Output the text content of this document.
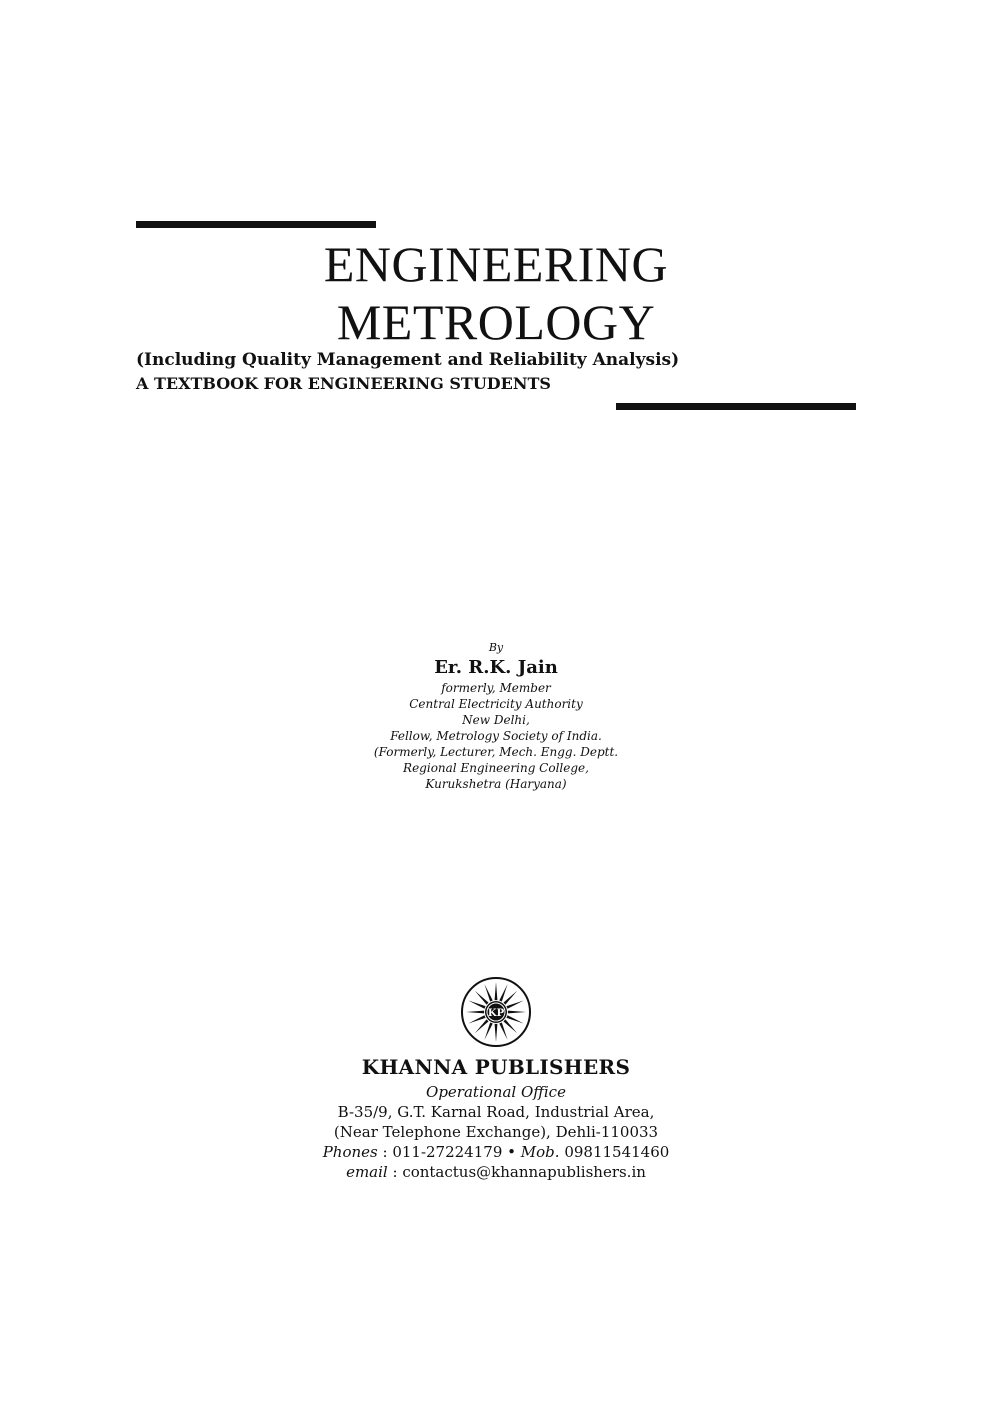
ENGINEERING
METROLOGY
(Including Quality Management and Reliability Analysis)
A TEXTBOOK FOR ENGINEERING STUDENTS
By
Er. R.K. Jain
formerly, Member
Central Electricity Authority
New Delhi,
Fellow, Metrology Society of India.
(Formerly, Lecturer, Mech. Engg. Deptt.
Regional Engineering College,
Kurukshetra (Haryana)
KP
KHANNA PUBLISHERS
Operational Office
B-35/9, G.T. Karnal Road, Industrial Area,
(Near Telephone Exchange), Dehli-110033
Phones : 011-27224179 • Mob. 09811541460
email : contactus@khannapublishers.in
